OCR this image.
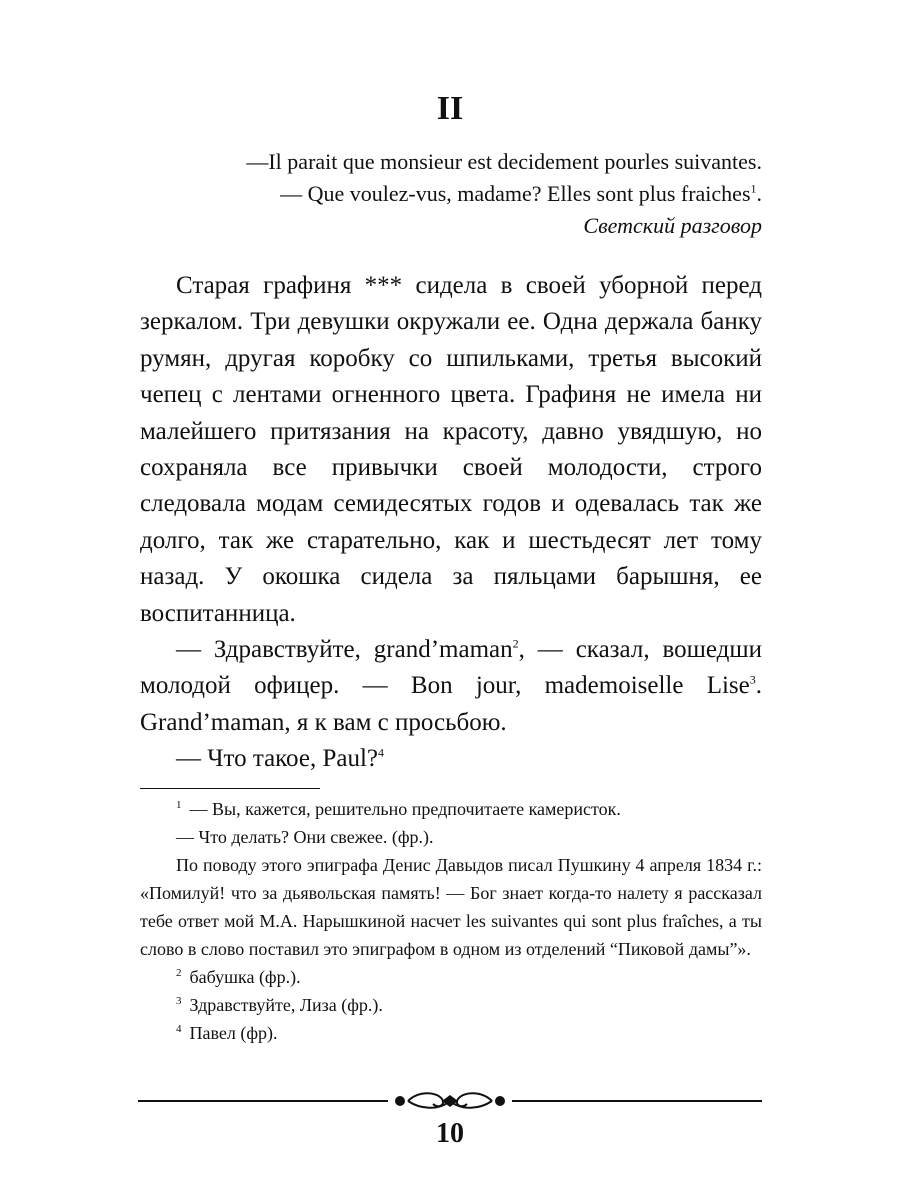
II

—Il parait que monsieur est decidement pourles suivantes.

— Que voulez-vus, madame? Elles sont plus fraiches$^1$.

Светский разговор

Старая графиня *** сидела в своей уборной перед зеркалом. Три девушки окружали ее. Одна держала банку румян, другая коробку со шпильками, третья высокий чепец с лентами огненного цвета. Графиня не имела ни малейшего притязания на красоту, давно увядшую, но сохраняла все привычки своей молодости, строго следовала модам семидесятых годов и одевалась так же долго, так же старательно, как и шестьдесят лет тому назад. У окошка сидела за пяльцами барышня, ее воспитанница.

— Здравствуйте, grand’maman$^2$, — сказал, вошедши молодой офицер. — Bon jour, mademoiselle Lise$^3$. Grand’maman, я к вам с просьбою.

— Что такое, Paul?$^4$

$^1$ — Вы, кажется, решительно предпочитаете камеристок.

— Что делать? Они свежее. (фр.).

По поводу этого эпиграфа Денис Давыдов писал Пушкину 4 апреля 1834 г.: «Помилуй! что за дьявольская память! — Бог знает когда-то налету я рассказал тебе ответ мой М.А. Нарышкиной насчет les suivantes qui sont plus fraîches, а ты слово в слово поставил это эпиграфом в одном из отделений “Пиковой дамы”».

$^2$ бабушка (фр.).

$^3$ Здравствуйте, Лиза (фр.).

$^4$ Павел (фр).

10
